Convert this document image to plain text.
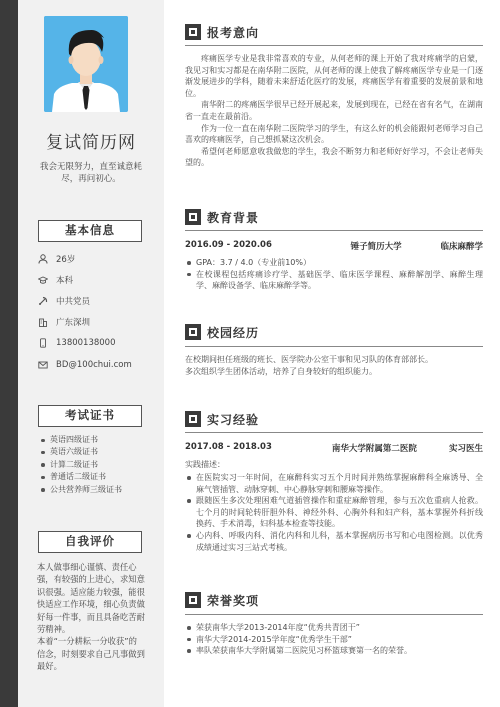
复试简历网
我会无限努力，直至诚意耗尽，再问初心。
基本信息
26岁
本科
中共党员
广东深圳
13800138000
BD@100chui.com
考试证书
英语四级证书
英语六级证书
计算二级证书
普通话二级证书
公共营养师三级证书
自我评价

本人做事细心谨慎、责任心强，有较强的上进心，求知意识很强。适应能力较强，能很快适应工作环境，细心负责做好每一件事，而且具备吃苦耐劳精神。

本着“一分耕耘一分收获”的信念，时刻要求自己凡事做到最好。

报考意向

疼痛医学专业是我非常喜欢的专业，从何老师的课上开始了我对疼痛学的启蒙，我见习和实习都是在南华附二医院，从何老师的课上使我了解疼痛医学专业是一门逐渐发展进步的学科，随着未来舒适化医疗的发展，疼痛医学有着重要的发展前景和地位。

南华附二的疼痛医学很早已经开展起来，发展到现在，已经在省有名气，在湖南省一直走在最前沿。

作为一位一直在南华附二医院学习的学生，有这么好的机会能跟何老师学习自己喜欢的疼痛医学，自己想抓紧这次机会。

希望何老师愿意收我做您的学生，我会不断努力和老师好好学习，不会让老师失望的。

教育背景
2016.09 - 2020.06	锤子简历大学	临床麻醉学
GPA：3.7 / 4.0（专业前10%）
在校课程包括疼痛诊疗学、基础医学、临床医学课程、麻醉解剖学、麻醉生理学、麻醉设备学、临床麻醉学等。
校园经历

在校期间担任班级的班长、医学院办公室干事和见习队的体育部部长。

多次组织学生团体活动，培养了自身较好的组织能力。

实习经验
2017.08 - 2018.03	南华大学附属第二医院	实习医生
实践描述：
在医院实习一年时间，在麻醉科实习五个月时间并熟练掌握麻醉科全麻诱导、全麻气管插管、动脉穿刺、中心静脉穿刺和腰麻等操作。
跟随医生多次处理困难气道插管操作和重症麻醉管理，参与五次危重病人抢救。七个月的时间轮转肝胆外科、神经外科、心胸外科和妇产科，基本掌握外科折线换药、手术消毒，妇科基本检查等技能。
心内科、呼吸内科、消化内科和儿科，基本掌握病历书写和心电图检测。以优秀成绩通过实习三站式考核。
荣誉奖项
荣获南华大学2013-2014年度“优秀共青团干”
南华大学2014-2015学年度“优秀学生干部”
率队荣获南华大学附属第二医院见习杯篮球赛第一名的荣誉。
